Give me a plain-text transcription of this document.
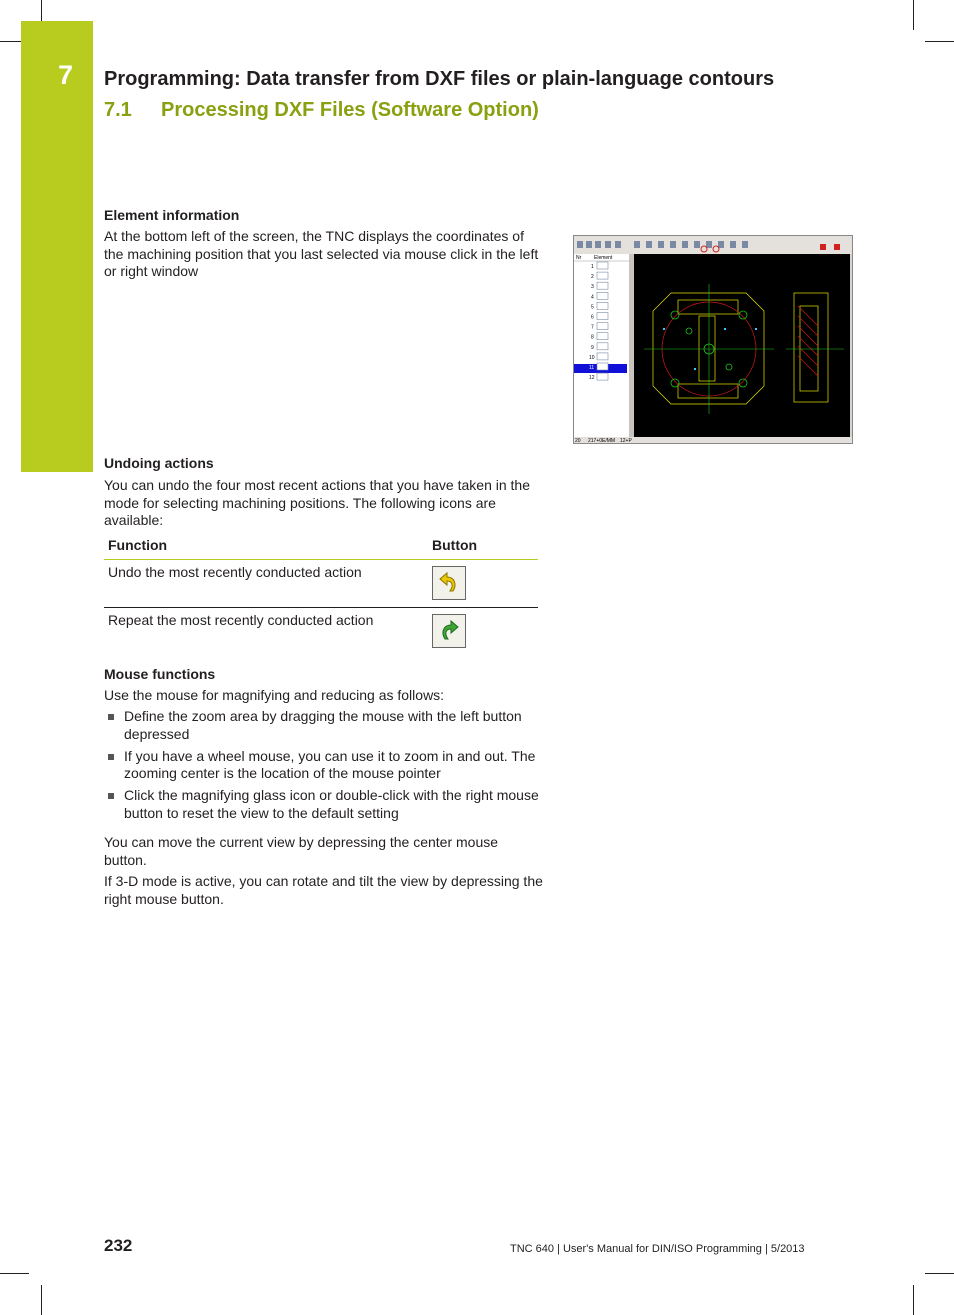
7 Programming: Data transfer from DXF files or plain-language contours
7.1 Processing DXF Files (Software Option)
Element information
At the bottom left of the screen, the TNC displays the coordinates of the machining position that you last selected via mouse click in the left or right window
Nr	Element
1
2
3
4
5
6
7
8
9
10
11
12
20 217+0E/MM 12+P
Undoing actions
You can undo the four most recent actions that you have taken in the mode for selecting machining positions. The following icons are available:
Function	Button
Undo the most recently conducted action
Repeat the most recently conducted action
Mouse functions
Use the mouse for magnifying and reducing as follows:
Define the zoom area by dragging the mouse with the left button depressed
If you have a wheel mouse, you can use it to zoom in and out. The zooming center is the location of the mouse pointer
Click the magnifying glass icon or double-click with the right mouse button to reset the view to the default setting
You can move the current view by depressing the center mouse button.
If 3-D mode is active, you can rotate and tilt the view by depressing the right mouse button.
232	TNC 640 | User's Manual for DIN/ISO Programming | 5/2013
